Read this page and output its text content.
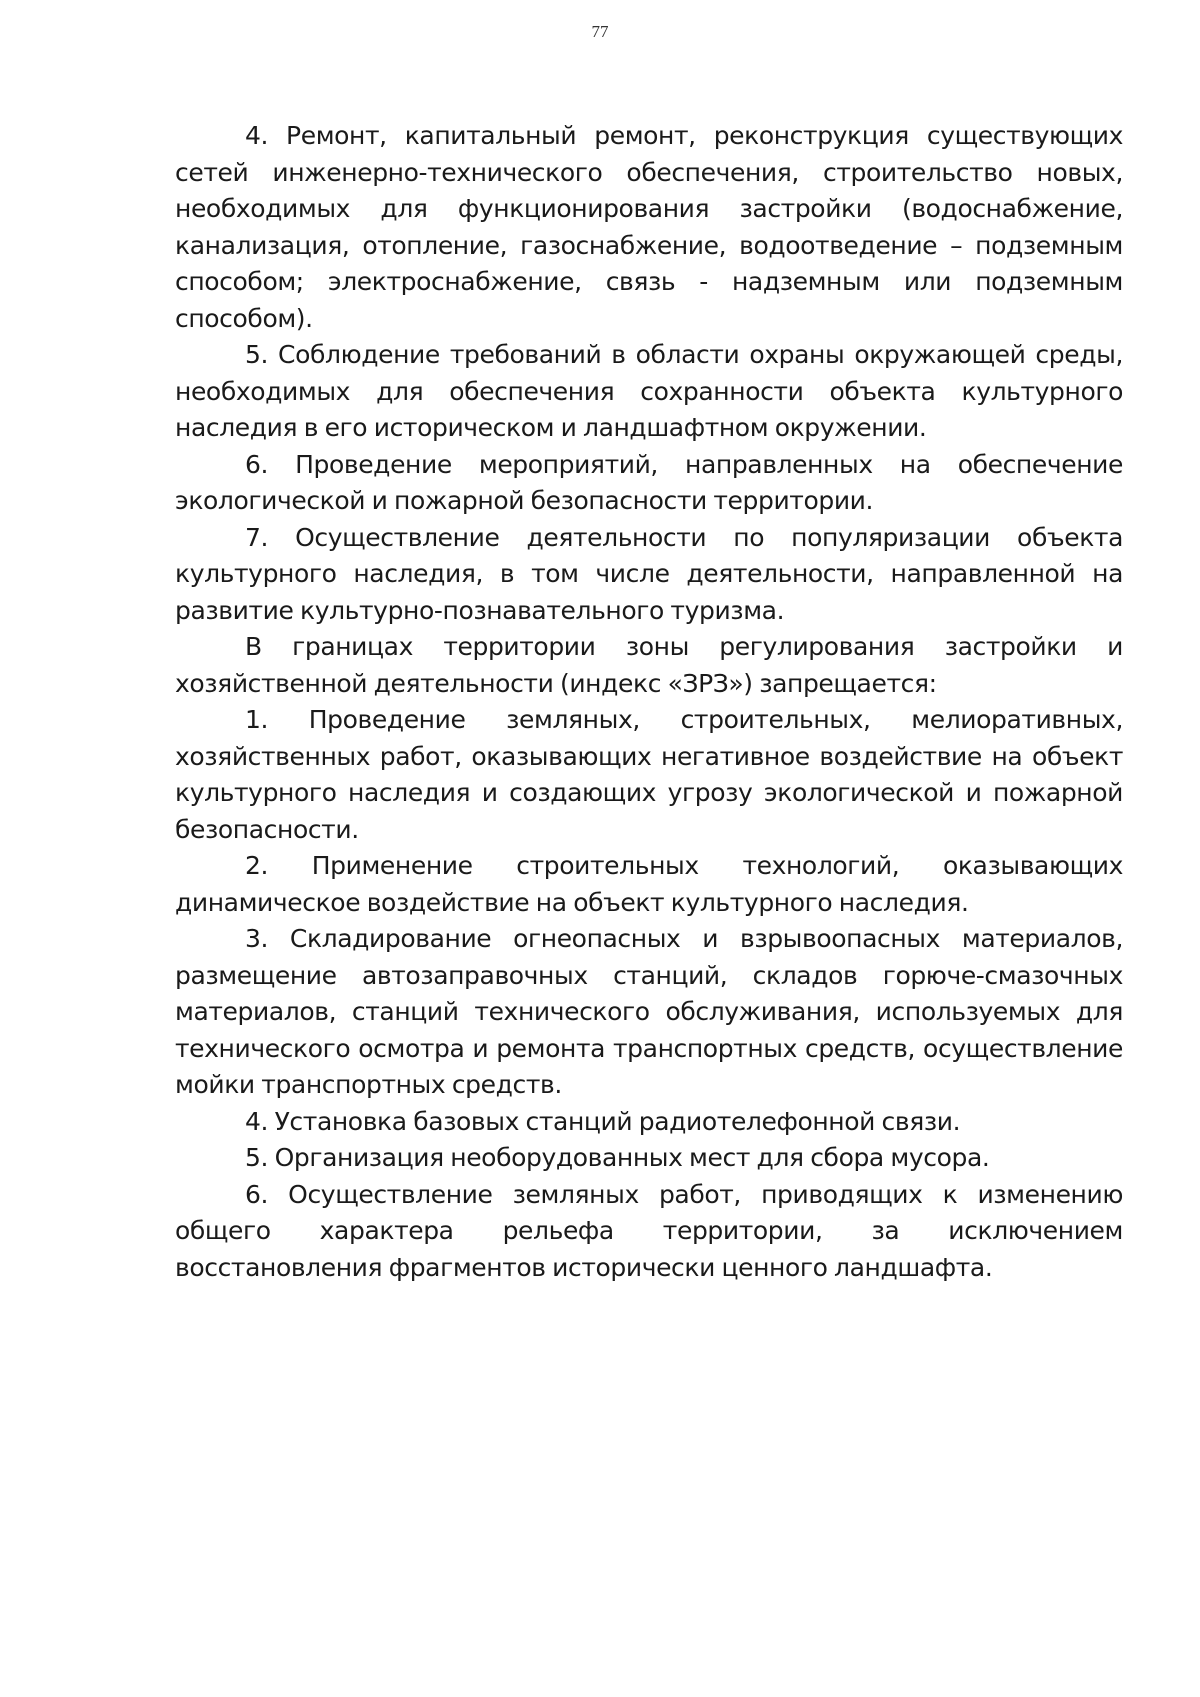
77

4. Ремонт, капитальный ремонт, реконструкция существующих сетей инженерно-технического обеспечения, строительство новых, необходимых для функционирования застройки (водоснабжение, канализация, отопление, газоснабжение, водоотведение – подземным способом; электроснабжение, связь - надземным или подземным способом).

5. Соблюдение требований в области охраны окружающей среды, необходимых для обеспечения сохранности объекта культурного наследия в его историческом и ландшафтном окружении.

6. Проведение мероприятий, направленных на обеспечение экологической и пожарной безопасности территории.

7. Осуществление деятельности по популяризации объекта культурного наследия, в том числе деятельности, направленной на развитие культурно-познавательного туризма.

В границах территории зоны регулирования застройки и хозяйственной деятельности (индекс «ЗРЗ») запрещается:

1. Проведение земляных, строительных, мелиоративных, хозяйственных работ, оказывающих негативное воздействие на объект культурного наследия и создающих угрозу экологической и пожарной безопасности.

2. Применение строительных технологий, оказывающих динамическое воздействие на объект культурного наследия.

3. Складирование огнеопасных и взрывоопасных материалов, размещение автозаправочных станций, складов горюче-смазочных материалов, станций технического обслуживания, используемых для технического осмотра и ремонта транспортных средств, осуществление мойки транспортных средств.

4. Установка базовых станций радиотелефонной связи.

5. Организация необорудованных мест для сбора мусора.

6. Осуществление земляных работ, приводящих к изменению общего характера рельефа территории, за исключением восстановления фрагментов исторически ценного ландшафта.
